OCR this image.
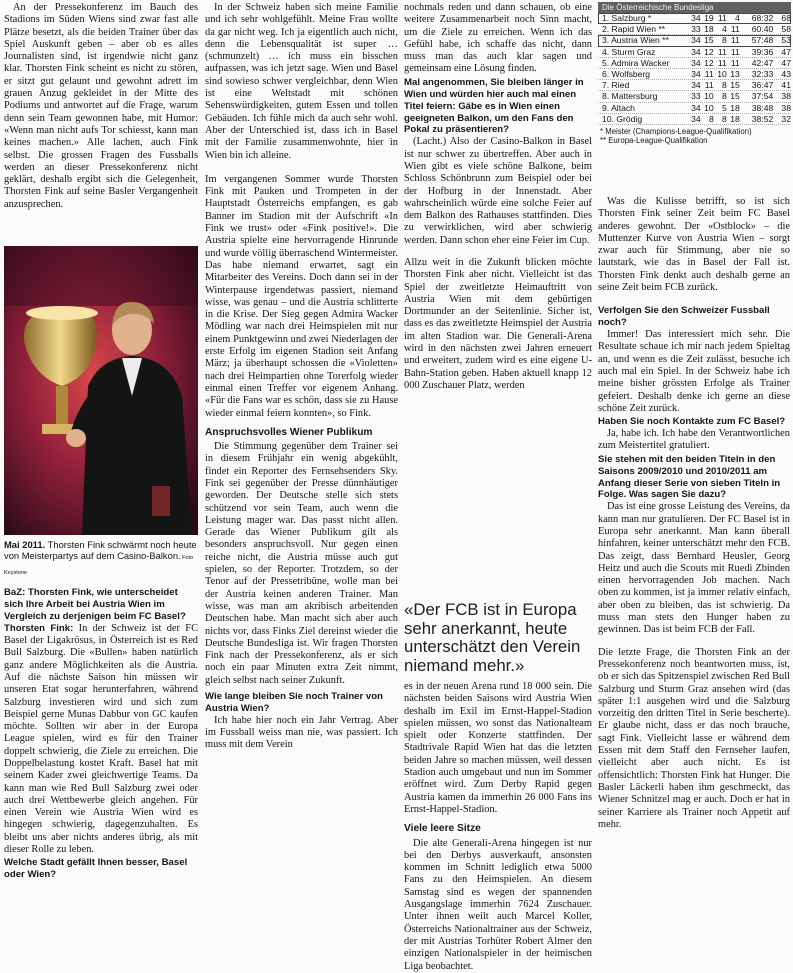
An der Pressekonferenz im Bauch des Stadions im Süden Wiens sind zwar fast alle Plätze besetzt, als die beiden Trainer über das Spiel Auskunft geben – aber ob es alles Journalisten sind, ist irgendwie nicht ganz klar. Thorsten Fink scheint es nicht zu stören, er sitzt gut gelaunt und gewohnt adrett im grauen Anzug gekleidet in der Mitte des Podiums und antwortet auf die Frage, warum denn sein Team gewonnen habe, mit Humor: «Wenn man nicht aufs Tor schiesst, kann man keines machen.» Alle lachen, auch Fink selbst. Die grossen Fragen des Fussballs werden an dieser Pressekonferenz nicht geklärt, deshalb ergibt sich die Gelegenheit, Thorsten Fink auf seine Basler Vergangenheit anzusprechen.

Mai 2011. Thorsten Fink schwärmt noch heute von Meisterpartys auf dem Casino-Balkon. Foto Keystone
BaZ: Thorsten Fink, wie unterscheidet sich Ihre Arbeit bei Austria Wien im Vergleich zu derjenigen beim FC Basel?

Thorsten Fink: In der Schweiz ist der FC Basel der Ligakrösus, in Österreich ist es Red Bull Salzburg. Die «Bullen» haben natürlich ganz andere Möglichkeiten als die Austria. Auf die nächste Saison hin müssen wir unseren Etat sogar herunterfahren, während Salzburg investieren wird und sich zum Beispiel gerne Munas Dabbur von GC kaufen möchte. Sollten wir aber in der Europa League spielen, wird es für den Trainer doppelt schwierig, die Ziele zu erreichen. Die Doppelbelastung kostet Kraft. Basel hat mit seinem Kader zwei gleichwertige Teams. Da kann man wie Red Bull Salzburg zwei oder auch drei Wettbewerbe gleich angehen. Für einen Verein wie Austria Wien wird es hingegen schwierig, dagegenzuhalten. Es bleibt uns aber nichts anderes übrig, als mit dieser Rolle zu leben.

Welche Stadt gefällt Ihnen besser, Basel oder Wien?

In der Schweiz haben sich meine Familie und ich sehr wohlgefühlt. Meine Frau wollte da gar nicht weg. Ich ja eigentlich auch nicht, denn die Lebensqualität ist super … (schmunzelt) … ich muss ein bisschen aufpassen, was ich jetzt sage. Wien und Basel sind sowieso schwer vergleichbar, denn Wien ist eine Weltstadt mit schönen Sehenswürdigkeiten, gutem Essen und tollen Gebäuden. Ich fühle mich da auch sehr wohl. Aber der Unterschied ist, dass ich in Basel mit der Familie zusammenwohnte, hier in Wien bin ich alleine.

Im vergangenen Sommer wurde Thorsten Fink mit Pauken und Trompeten in der Hauptstadt Österreichs empfangen, es gab Banner im Stadion mit der Aufschrift «In Fink we trust» oder «Fink positive!». Die Austria spielte eine hervorragende Hinrunde und wurde völlig überraschend Wintermeister. Das habe niemand erwartet, sagt ein Mitarbeiter des Vereins. Doch dann sei in der Winterpause irgendetwas passiert, niemand wisse, was genau – und die Austria schlitterte in die Krise. Der Sieg gegen Admira Wacker Mödling war nach drei Heimspielen mit nur einem Punktgewinn und zwei Niederlagen der erste Erfolg im eigenen Stadion seit Anfang März; ja überhaupt schossen die «Violetten» nach drei Heimpartien ohne Torerfolg wieder einmal einen Treffer vor eigenem Anhang. «Für die Fans war es schön, dass sie zu Hause wieder einmal feiern konnten», so Fink.

Anspruchsvolles Wiener Publikum

Die Stimmung gegenüber dem Trainer sei in diesem Frühjahr ein wenig abgekühlt, findet ein Reporter des Fernsehsenders Sky. Fink sei gegenüber der Presse dünnhäutiger geworden. Der Deutsche stelle sich stets schützend vor sein Team, auch wenn die Leistung mager war. Das passt nicht allen. Gerade das Wiener Publikum gilt als besonders anspruchsvoll. Nur gegen einen reiche nicht, die Austria müsse auch gut spielen, so der Reporter. Trotzdem, so der Tenor auf der Pressetribüne, wolle man bei der Austria keinen anderen Trainer. Man wisse, was man am akribisch arbeitenden Deutschen habe. Man macht sich aber auch nichts vor, dass Finks Ziel dereinst wieder die Deutsche Bundesliga ist. Wir fragen Thorsten Fink nach der Pressekonferenz, als er sich noch ein paar Minuten extra Zeit nimmt, gleich selbst nach seiner Zukunft.

Wie lange bleiben Sie noch Trainer von Austria Wien?

Ich habe hier noch ein Jahr Vertrag. Aber im Fussball weiss man nie, was passiert. Ich muss mit dem Verein

nochmals reden und dann schauen, ob eine weitere Zusammenarbeit noch Sinn macht, um die Ziele zu erreichen. Wenn ich das Gefühl habe, ich schaffe das nicht, dann muss man das auch klar sagen und gemeinsam eine Lösung finden.

Mal angenommen, Sie bleiben länger in Wien und würden hier auch mal einen Titel feiern: Gäbe es in Wien einen geeigneten Balkon, um den Fans den Pokal zu präsentieren?

(Lacht.) Also der Casino-Balkon in Basel ist nur schwer zu übertreffen. Aber auch in Wien gibt es viele schöne Balkone, beim Schloss Schönbrunn zum Beispiel oder bei der Hofburg in der Innenstadt. Aber wahrscheinlich würde eine solche Feier auf dem Balkon des Rathauses stattfinden. Dies zu verwirklichen, wird aber schwierig werden. Dann schon eher eine Feier im Cup.

Allzu weit in die Zukunft blicken möchte Thorsten Fink aber nicht. Vielleicht ist das Spiel der zweitletzte Heimauftritt von Austria Wien mit dem gebürtigen Dortmunder an der Seitenlinie. Sicher ist, dass es das zweitletzte Heimspiel der Austria im alten Stadion war. Die Generali-Arena wird in den nächsten zwei Jahren erneuert und erweitert, zudem wird es eine eigene U-Bahn-Station geben. Haben aktuell knapp 12 000 Zuschauer Platz, werden

«Der FCB ist in Europa sehr anerkannt, heute unterschätzt den Verein niemand mehr.»

es in der neuen Arena rund 18 000 sein. Die nächsten beiden Saisons wird Austria Wien deshalb im Exil im Ernst-Happel-Stadion spielen müssen, wo sonst das Nationalteam spielt oder Konzerte stattfinden. Der Stadtrivale Rapid Wien hat das die letzten beiden Jahre so machen müssen, weil dessen Stadion auch umgebaut und nun im Sommer eröffnet wird. Zum Derby Rapid gegen Austria kamen da immerhin 26 000 Fans ins Ernst-Happel-Stadion.

Viele leere Sitze

Die alte Generali-Arena hingegen ist nur bei den Derbys ausverkauft, ansonsten kommen im Schnitt lediglich etwa 5000 Fans zu den Heimspielen. An diesem Samstag sind es wegen der spannenden Ausgangslage immerhin 7624 Zuschauer. Unter ihnen weilt auch Marcel Koller, Österreichs Nationaltrainer aus der Schweiz, der mit Austrias Torhüter Robert Almer den einzigen Nationalspieler in der heimischen Liga beobachtet.

Die Österreichische Bundesliga
1. Salzburg *	34 19 11 4	68:32 68
2. Rapid Wien **	33 18 4 11	60:40 58
3. Austria Wien **	34 15 8 11	57:48 53
4. Sturm Graz	34 12 11 11	39:36 47
5. Admira Wacker	34 12 11 11	42:47 47
6. Wolfsberg	34 11 10 13	32:33 43
7. Ried	34 11 8 15	36:47 41
8. Mattersburg	33 10 8 15	37:54 38
9. Altach	34 10 5 18	38:48 38
10. Grödig	34 8 8 18	38:52 32
* Meister (Champions-League-Qualifikation)
** Europa-League-Qualifikation

Was die Kulisse betrifft, so ist sich Thorsten Fink seiner Zeit beim FC Basel anderes gewohnt. Der «Ostblock» – die Muttenzer Kurve von Austria Wien – sorgt zwar auch für Stimmung, aber nie so lautstark, wie das in Basel der Fall ist. Thorsten Fink denkt auch deshalb gerne an seine Zeit beim FCB zurück.

Verfolgen Sie den Schweizer Fussball noch?

Immer! Das interessiert mich sehr. Die Resultate schaue ich mir nach jedem Spieltag an, und wenn es die Zeit zulässt, besuche ich auch mal ein Spiel. In der Schweiz habe ich meine bisher grössten Erfolge als Trainer gefeiert. Deshalb denke ich gerne an diese schöne Zeit zurück.

Haben Sie noch Kontakte zum FC Basel?

Ja, habe ich. Ich habe den Verantwortlichen zum Meistertitel gratuliert.

Sie stehen mit den beiden Titeln in den Saisons 2009/2010 und 2010/2011 am Anfang dieser Serie von sieben Titeln in Folge. Was sagen Sie dazu?

Das ist eine grosse Leistung des Vereins, da kann man nur gratulieren. Der FC Basel ist in Europa sehr anerkannt. Man kann überall hinfahren, keiner unterschätzt mehr den FCB. Das zeigt, dass Bernhard Heusler, Georg Heitz und auch die Scouts mit Ruedi Zbinden einen hervorragenden Job machen. Nach oben zu kommen, ist ja immer relativ einfach, aber oben zu bleiben, das ist schwierig. Da muss man stets den Hunger haben zu gewinnen. Das ist beim FCB der Fall.

Die letzte Frage, die Thorsten Fink an der Pressekonferenz noch beantworten muss, ist, ob er sich das Spitzenspiel zwischen Red Bull Salzburg und Sturm Graz ansehen wird (das später 1:1 ausgehen wird und die Salzburg vorzeitig den dritten Titel in Serie bescherte). Er glaube nicht, dass er das noch brauche, sagt Fink. Vielleicht lasse er während dem Essen mit dem Staff den Fernseher laufen, vielleicht aber auch nicht. Es ist offensichtlich: Thorsten Fink hat Hunger. Die Basler Läckerli haben ihm geschmeckt, das Wiener Schnitzel mag er auch. Doch er hat in seiner Karriere als Trainer noch Appetit auf mehr.
